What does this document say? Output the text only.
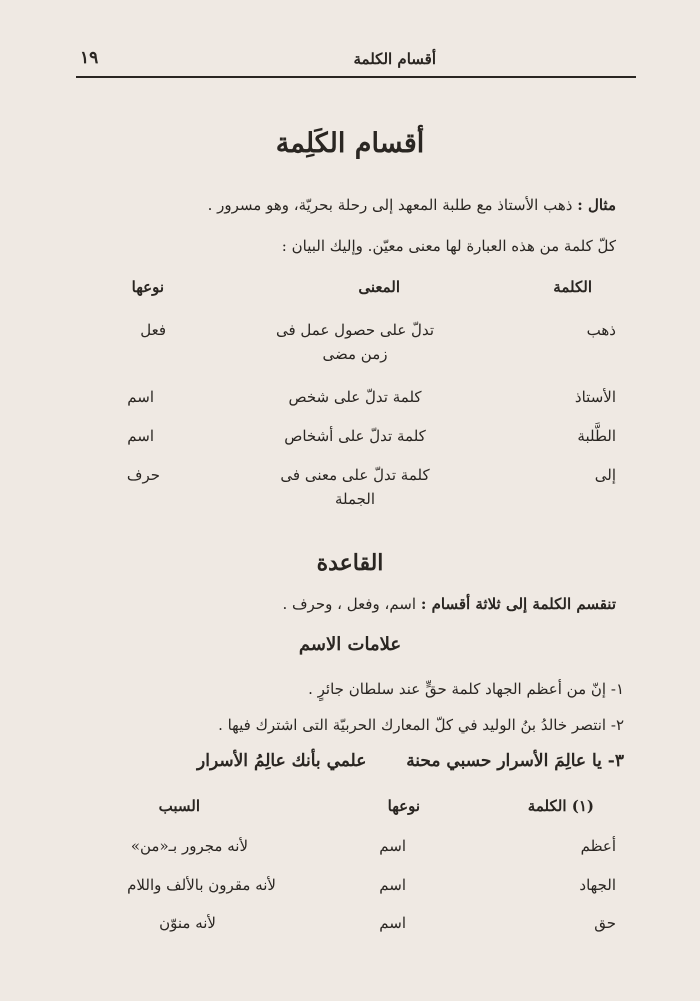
أقسام الكلمة
١٩
أقسام الكَلِمة
مثال : ذهب الأستاذ مع طلبة المعهد إلى رحلة بحريّة، وهو مسرور .
كلّ كلمة من هذه العبارة لها معنى معيّن. وإليك البيان :
الكلمة
المعنى
نوعها
ذهب
تدلّ على حصول عمل فى
زمن مضى
فعل
الأستاذ
كلمة تدلّ على شخص
اسم
الطَّلبة
كلمة تدلّ على أشخاص
اسم
إلى
كلمة تدلّ على معنى فى
الجملة
حرف
القاعدة
تنقسم الكلمة إلى ثلاثة أقسام : اسم، وفعل ، وحرف .
علامات الاسم
١- إنّ من أعظم الجهاد كلمة حقٍّ عند سلطان جائرٍ .
٢- انتصر خالدُ بنُ الوليد في كلّ المعارك الحربيّة التى اشترك فيها .
٣- يا عالِمَ الأسرار حسبي محنة  علمي بأنك عالِمُ الأسرار
(١) الكلمة
نوعها
السبب
أعظم
اسم
لأنه مجرور بـ«من»
الجهاد
اسم
لأنه مقرون بالألف واللام
حق
اسم
لأنه منوّن
